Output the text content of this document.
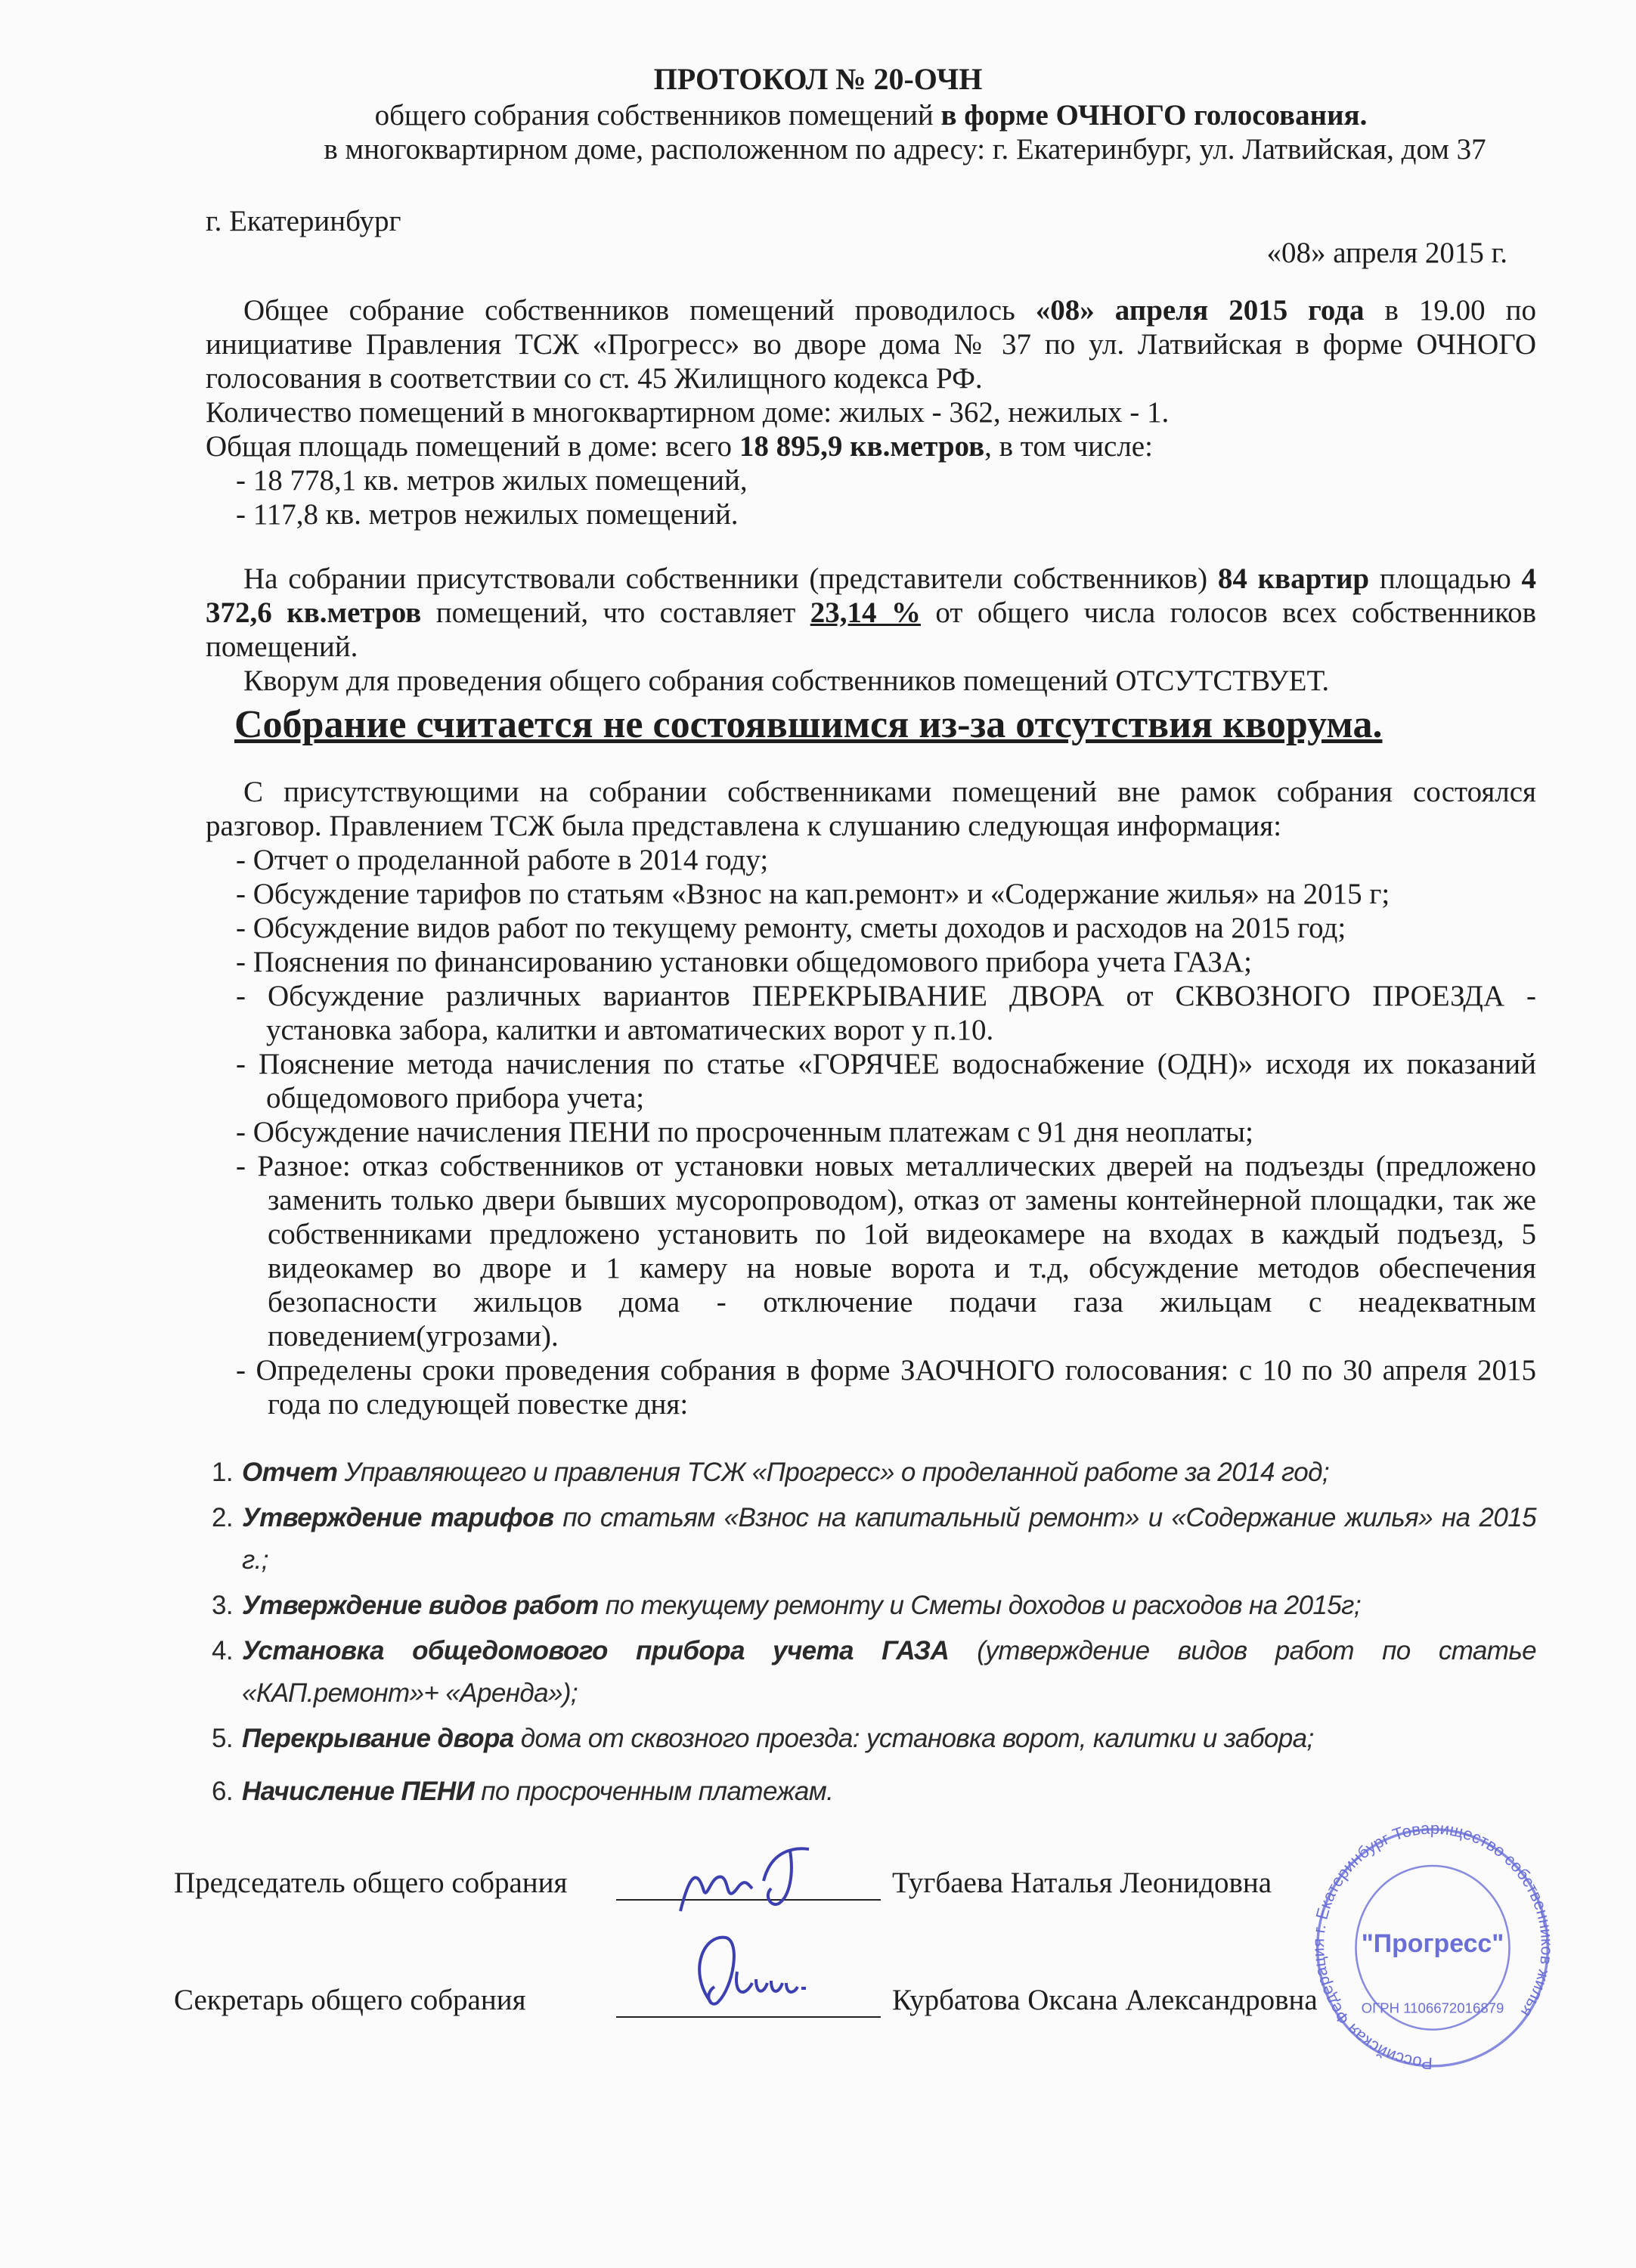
ПРОТОКОЛ № 20-ОЧН
общего собрания собственников помещений в форме ОЧНОГО голосования.
в многоквартирном доме, расположенном по адресу: г. Екатеринбург, ул. Латвийская, дом 37
г. Екатеринбург
«08» апреля 2015 г.
Общее собрание собственников помещений проводилось «08» апреля 2015 года в 19.00 по инициативе Правления ТСЖ «Прогресс» во дворе дома № 37 по ул. Латвийская в форме ОЧНОГО голосования в соответствии со ст. 45 Жилищного кодекса РФ.
Количество помещений в многоквартирном доме: жилых - 362, нежилых - 1.
Общая площадь помещений в доме: всего 18 895,9 кв.метров, в том числе:
- 18 778,1 кв. метров жилых помещений,
- 117,8 кв. метров нежилых помещений.
На собрании присутствовали собственники (представители собственников) 84 квартир площадью 4 372,6 кв.метров помещений, что составляет 23,14 % от общего числа голосов всех собственников помещений.
Кворум для проведения общего собрания собственников помещений ОТСУТСТВУЕТ.
Собрание считается не состоявшимся из-за отсутствия кворума.
С присутствующими на собрании собственниками помещений вне рамок собрания состоялся разговор. Правлением ТСЖ была представлена к слушанию следующая информация:
- Отчет о проделанной работе в 2014 году;
- Обсуждение тарифов по статьям «Взнос на кап.ремонт» и «Содержание жилья» на 2015 г;
- Обсуждение видов работ по текущему ремонту, сметы доходов и расходов на 2015 год;
- Пояснения по финансированию установки общедомового прибора учета ГАЗА;
- Обсуждение различных вариантов ПЕРЕКРЫВАНИЕ ДВОРА от СКВОЗНОГО ПРОЕЗДА - установка забора, калитки и автоматических ворот у п.10.
- Пояснение метода начисления по статье «ГОРЯЧЕЕ водоснабжение (ОДН)» исходя их показаний общедомового прибора учета;
- Обсуждение начисления ПЕНИ по просроченным платежам с 91 дня неоплаты;
- Разное: отказ собственников от установки новых металлических дверей на подъезды (предложено заменить только двери бывших мусоропроводом), отказ от замены контейнерной площадки, так же собственниками предложено установить по 1ой видеокамере на входах в каждый подъезд, 5 видеокамер во дворе и 1 камеру на новые ворота и т.д, обсуждение методов обеспечения безопасности жильцов дома - отключение подачи газа жильцам с неадекватным поведением(угрозами).
- Определены сроки проведения собрания в форме ЗАОЧНОГО голосования: с 10 по 30 апреля 2015 года по следующей повестке дня:
1. Отчет Управляющего и правления ТСЖ «Прогресс» о проделанной работе за 2014 год;
2. Утверждение тарифов по статьям «Взнос на капитальный ремонт» и «Содержание жилья» на 2015 г.;
3. Утверждение видов работ по текущему ремонту и Сметы доходов и расходов на 2015г;
4. Установка общедомового прибора учета ГАЗА (утверждение видов работ по статье «КАП.ремонт»+ «Аренда»);
5. Перекрывание двора дома от сквозного проезда: установка ворот, калитки и забора;
6. Начисление ПЕНИ по просроченным платежам.
Председатель общего собрания	Тугбаева Наталья Леонидовна
Секретарь общего собрания	Курбатова Оксана Александровна
Российская Федерация г. Екатеринбург Товарищество собственников жилья
"Прогресс"
ОГРН 1106672016879
